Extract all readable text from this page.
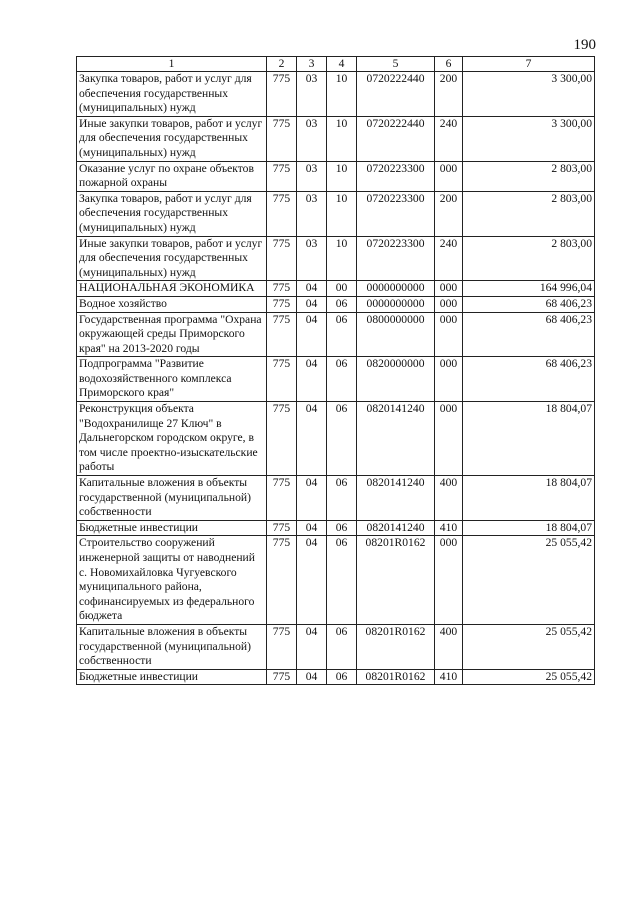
190
1	2	3	4	5	6	7
Закупка товаров, работ и услуг для обеспечения государственных (муниципальных) нужд	775	03	10	0720222440	200	3 300,00
Иные закупки товаров, работ и услуг для обеспечения государственных (муниципальных) нужд	775	03	10	0720222440	240	3 300,00
Оказание услуг по охране объектов пожарной охраны	775	03	10	0720223300	000	2 803,00
Закупка товаров, работ и услуг для обеспечения государственных (муниципальных) нужд	775	03	10	0720223300	200	2 803,00
Иные закупки товаров, работ и услуг для обеспечения государственных (муниципальных) нужд	775	03	10	0720223300	240	2 803,00
НАЦИОНАЛЬНАЯ ЭКОНОМИКА	775	04	00	0000000000	000	164 996,04
Водное хозяйство	775	04	06	0000000000	000	68 406,23
Государственная программа "Охрана окружающей среды Приморского края" на 2013-2020 годы	775	04	06	0800000000	000	68 406,23
Подпрограмма "Развитие водохозяйственного комплекса Приморского края"	775	04	06	0820000000	000	68 406,23
Реконструкция объекта "Водохранилище 27 Ключ" в Дальнегорском городском округе, в том числе проектно-изыскательские работы	775	04	06	0820141240	000	18 804,07
Капитальные вложения в объекты государственной (муниципальной) собственности	775	04	06	0820141240	400	18 804,07
Бюджетные инвестиции	775	04	06	0820141240	410	18 804,07
Строительство сооружений инженерной защиты от наводнений с. Новомихайловка Чугуевского муниципального района, софинансируемых из федерального бюджета	775	04	06	08201R0162	000	25 055,42
Капитальные вложения в объекты государственной (муниципальной) собственности	775	04	06	08201R0162	400	25 055,42
Бюджетные инвестиции	775	04	06	08201R0162	410	25 055,42
